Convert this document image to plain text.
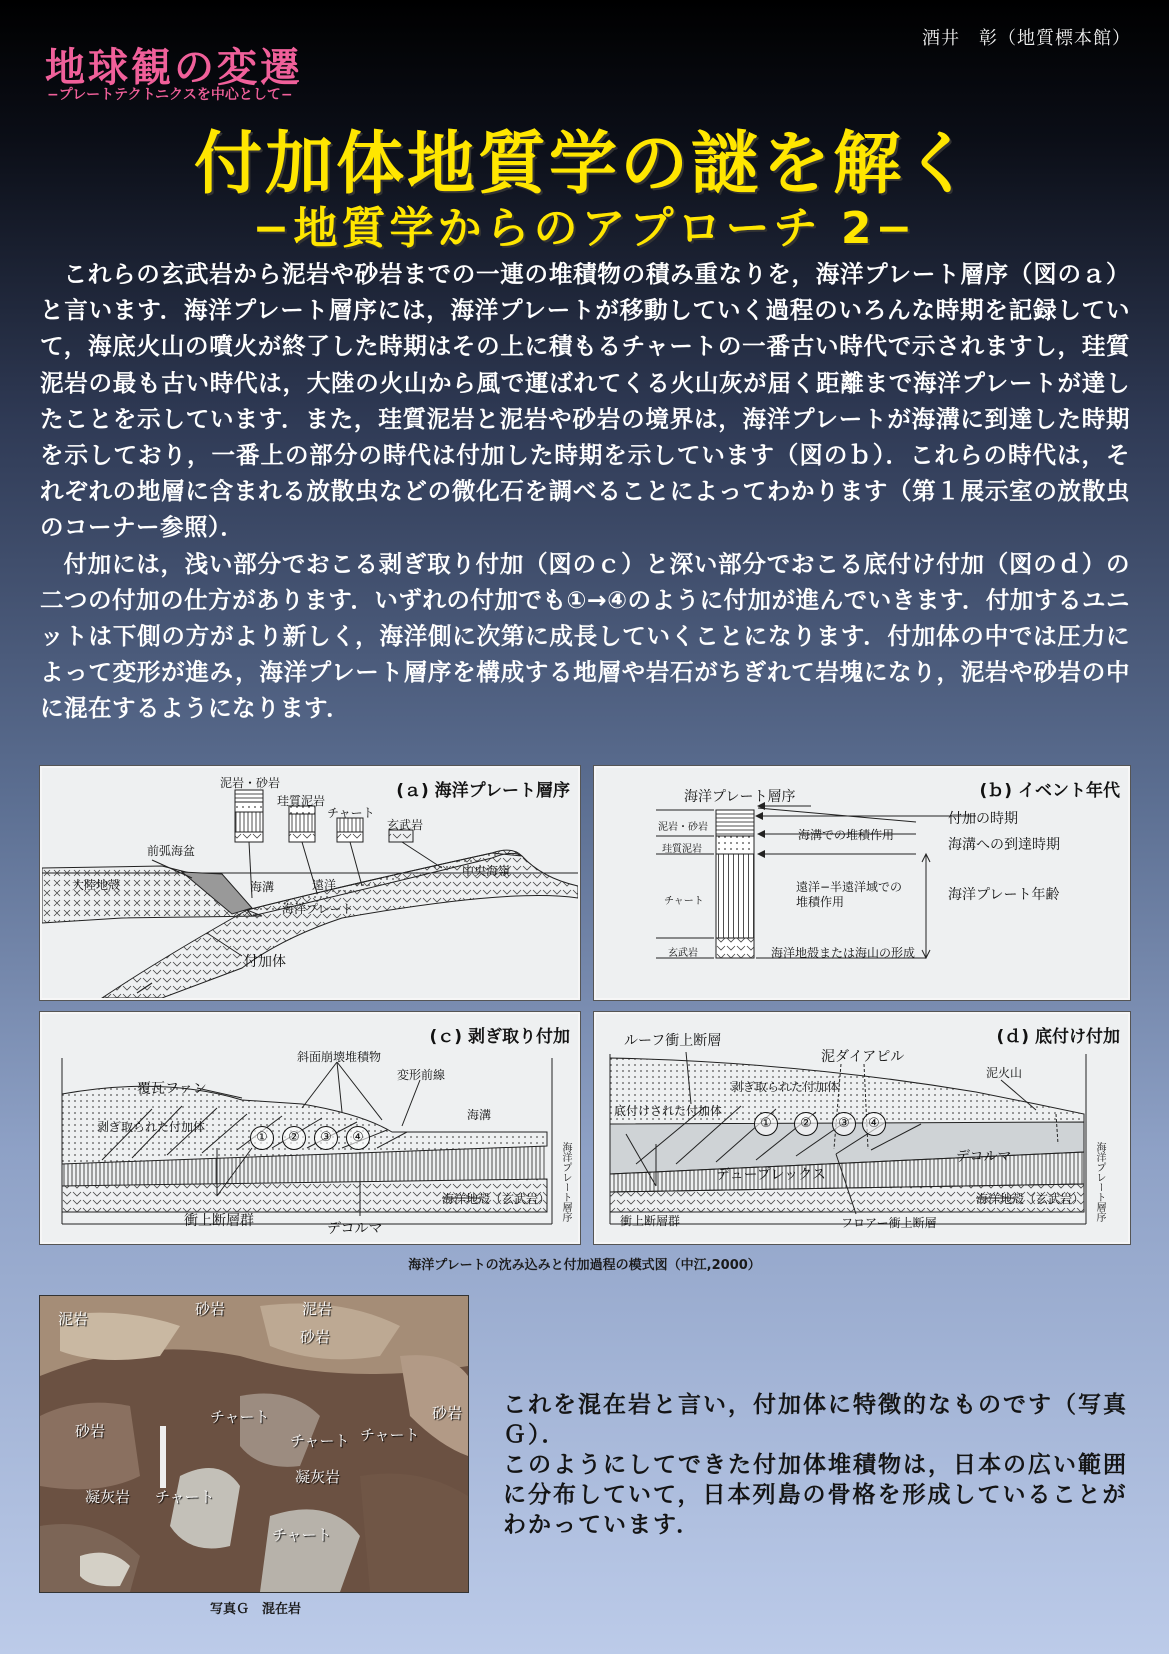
地球観の変遷
−プレートテクトニクスを中心として−
酒井　彰（地質標本館）
付加体地質学の謎を解く
−地質学からのアプローチ 2−

これらの玄武岩から泥岩や砂岩までの一連の堆積物の積み重なりを，海洋プレート層序（図のａ）と言います．海洋プレート層序には，海洋プレートが移動していく過程のいろんな時期を記録していて，海底火山の噴火が終了した時期はその上に積もるチャートの一番古い時代で示されますし，珪質泥岩の最も古い時代は，大陸の火山から風で運ばれてくる火山灰が届く距離まで海洋プレートが達したことを示しています．また，珪質泥岩と泥岩や砂岩の境界は，海洋プレートが海溝に到達した時期を示しており，一番上の部分の時代は付加した時期を示しています（図のｂ）．これらの時代は，それぞれの地層に含まれる放散虫などの微化石を調べることによってわかります（第１展示室の放散虫のコーナー参照）．

付加には，浅い部分でおこる剥ぎ取り付加（図のｃ）と深い部分でおこる底付け付加（図のｄ）の二つの付加の仕方があります．いずれの付加でも①→④のように付加が進んでいきます．付加するユニットは下側の方がより新しく，海洋側に次第に成長していくことになります．付加体の中では圧力によって変形が進み，海洋プレート層序を構成する地層や岩石がちぎれて岩塊になり，泥岩や砂岩の中に混在するようになります．

(ａ) 海洋プレート層序
泥岩・砂岩
珪質泥岩
チャート
玄武岩
前弧海盆
大陸地殻	海溝	遠洋
中央海嶺
海洋プレート
付加体
(ｂ) イベント年代
海洋プレート層序
泥岩・砂岩
珪質泥岩
チャート
玄武岩
付加の時期
海溝での堆積作用
海溝への到達時期
遠洋−半遠洋域での堆積作用	海洋プレート年齢
海洋地殻または海山の形成
(ｃ) 剥ぎ取り付加
斜面崩壊堆積物
覆瓦ファン
変形前線
海溝
剥ぎ取られた付加体
①	②	③	④
海洋地殻（玄武岩）
衝上断層群	デコルマ
海洋プレート層序
(ｄ) 底付け付加
ルーフ衝上断層
泥ダイアピル
泥火山
剥ぎ取られた付加体
底付けされた付加体
①	②	③	④
デコルマ
デュープレックス
海洋地殻（玄武岩）
衝上断層群	フロアー衝上断層
海洋プレート層序
海洋プレートの沈み込みと付加過程の模式図（中江,2000）
泥岩
砂岩	泥岩
砂岩
砂岩
チャート
砂岩
チャート チャート
凝灰岩 チャート
凝灰岩
チャート
写真Ｇ　混在岩

これを混在岩と言い，付加体に特徴的なものです（写真Ｇ）．

このようにしてできた付加体堆積物は，日本の広い範囲に分布していて，日本列島の骨格を形成していることがわかっています．
